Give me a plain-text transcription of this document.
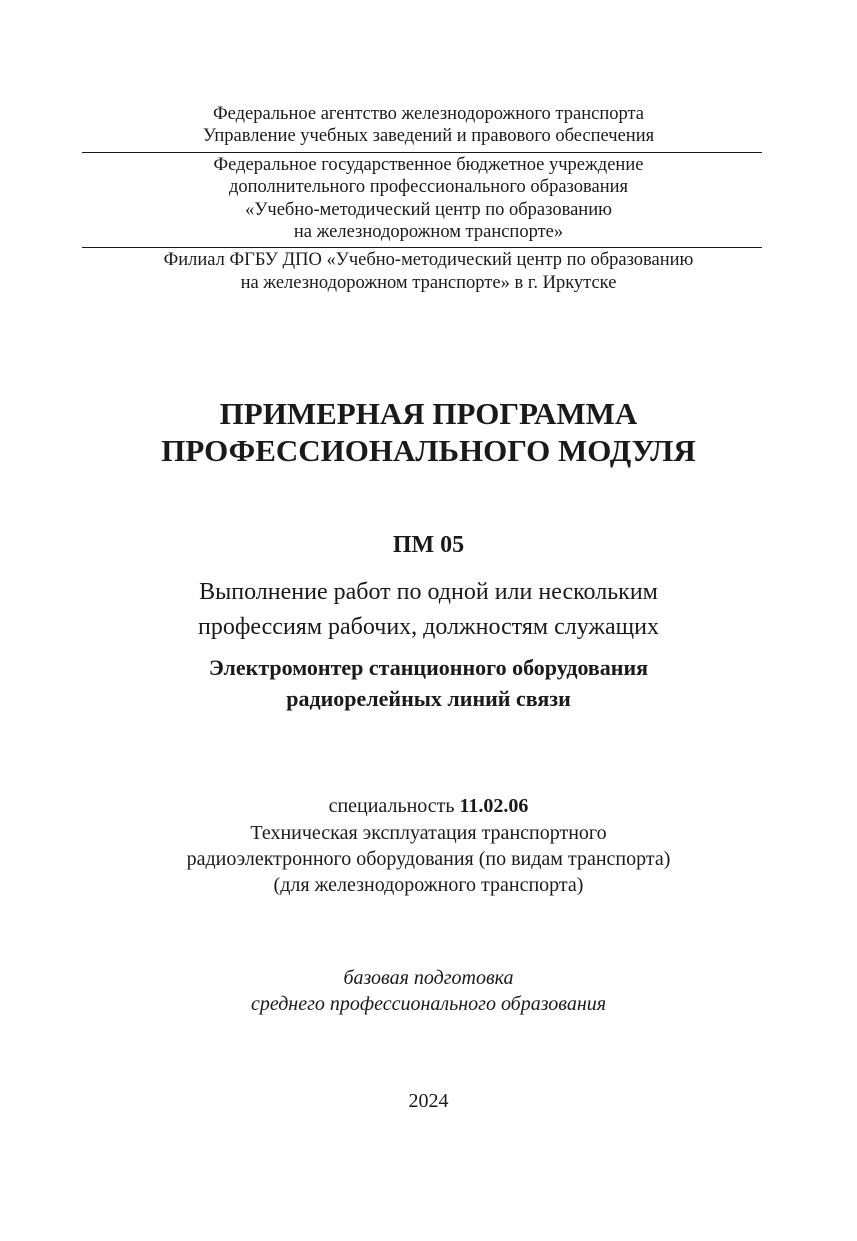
Федеральное агентство железнодорожного транспорта
Управление учебных заведений и правового обеспечения
Федеральное государственное бюджетное учреждение
дополнительного профессионального образования
«Учебно-методический центр по образованию
на железнодорожном транспорте»
Филиал ФГБУ ДПО «Учебно-методический центр по образованию
на железнодорожном транспорте» в г. Иркутске
ПРИМЕРНАЯ ПРОГРАММА
ПРОФЕССИОНАЛЬНОГО МОДУЛЯ
ПМ 05
Выполнение работ по одной или нескольким
профессиям рабочих, должностям служащих
Электромонтер станционного оборудования
радиорелейных линий связи
специальность 11.02.06
Техническая эксплуатация транспортного
радиоэлектронного оборудования (по видам транспорта)
(для железнодорожного транспорта)
базовая подготовка
среднего профессионального образования
2024
